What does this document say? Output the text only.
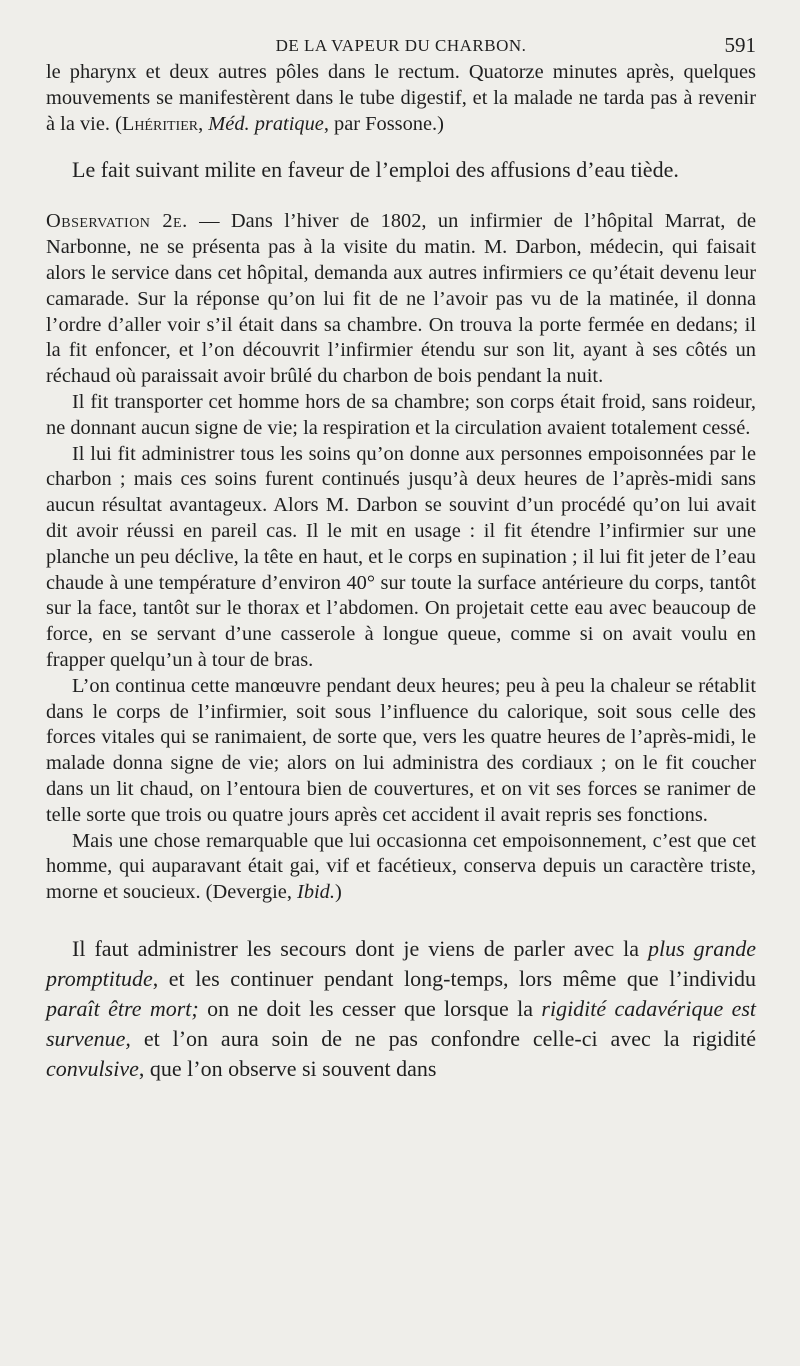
DE LA VAPEUR DU CHARBON.	591

le pharynx et deux autres pôles dans le rectum. Quatorze minutes après, quelques mouvements se manifestèrent dans le tube digestif, et la malade ne tarda pas à revenir à la vie. (Lhéritier, Méd. pratique, par Fossone.)

Le fait suivant milite en faveur de l’emploi des affusions d’eau tiède.

Observation 2e. — Dans l’hiver de 1802, un infirmier de l’hôpital Marrat, de Narbonne, ne se présenta pas à la visite du matin. M. Darbon, médecin, qui faisait alors le service dans cet hôpital, demanda aux autres infirmiers ce qu’était devenu leur camarade. Sur la réponse qu’on lui fit de ne l’avoir pas vu de la matinée, il donna l’ordre d’aller voir s’il était dans sa chambre. On trouva la porte fermée en dedans; il la fit enfoncer, et l’on découvrit l’infirmier étendu sur son lit, ayant à ses côtés un réchaud où paraissait avoir brûlé du charbon de bois pendant la nuit.

Il fit transporter cet homme hors de sa chambre; son corps était froid, sans roideur, ne donnant aucun signe de vie; la respiration et la circulation avaient totalement cessé.

Il lui fit administrer tous les soins qu’on donne aux personnes empoisonnées par le charbon ; mais ces soins furent continués jusqu’à deux heures de l’après-midi sans aucun résultat avantageux. Alors M. Darbon se souvint d’un procédé qu’on lui avait dit avoir réussi en pareil cas. Il le mit en usage : il fit étendre l’infirmier sur une planche un peu déclive, la tête en haut, et le corps en supination ; il lui fit jeter de l’eau chaude à une température d’environ 40° sur toute la surface antérieure du corps, tantôt sur la face, tantôt sur le thorax et l’abdomen. On projetait cette eau avec beaucoup de force, en se servant d’une casserole à longue queue, comme si on avait voulu en frapper quelqu’un à tour de bras.

L’on continua cette manœuvre pendant deux heures; peu à peu la chaleur se rétablit dans le corps de l’infirmier, soit sous l’influence du calorique, soit sous celle des forces vitales qui se ranimaient, de sorte que, vers les quatre heures de l’après-midi, le malade donna signe de vie; alors on lui administra des cordiaux ; on le fit coucher dans un lit chaud, on l’entoura bien de couvertures, et on vit ses forces se ranimer de telle sorte que trois ou quatre jours après cet accident il avait repris ses fonctions.

Mais une chose remarquable que lui occasionna cet empoisonnement, c’est que cet homme, qui auparavant était gai, vif et facétieux, conserva depuis un caractère triste, morne et soucieux. (Devergie, Ibid.)

Il faut administrer les secours dont je viens de parler avec la plus grande promptitude, et les continuer pendant long-temps, lors même que l’individu paraît être mort; on ne doit les cesser que lorsque la rigidité cadavérique est survenue, et l’on aura soin de ne pas confondre celle-ci avec la rigidité convulsive, que l’on observe si souvent dans
